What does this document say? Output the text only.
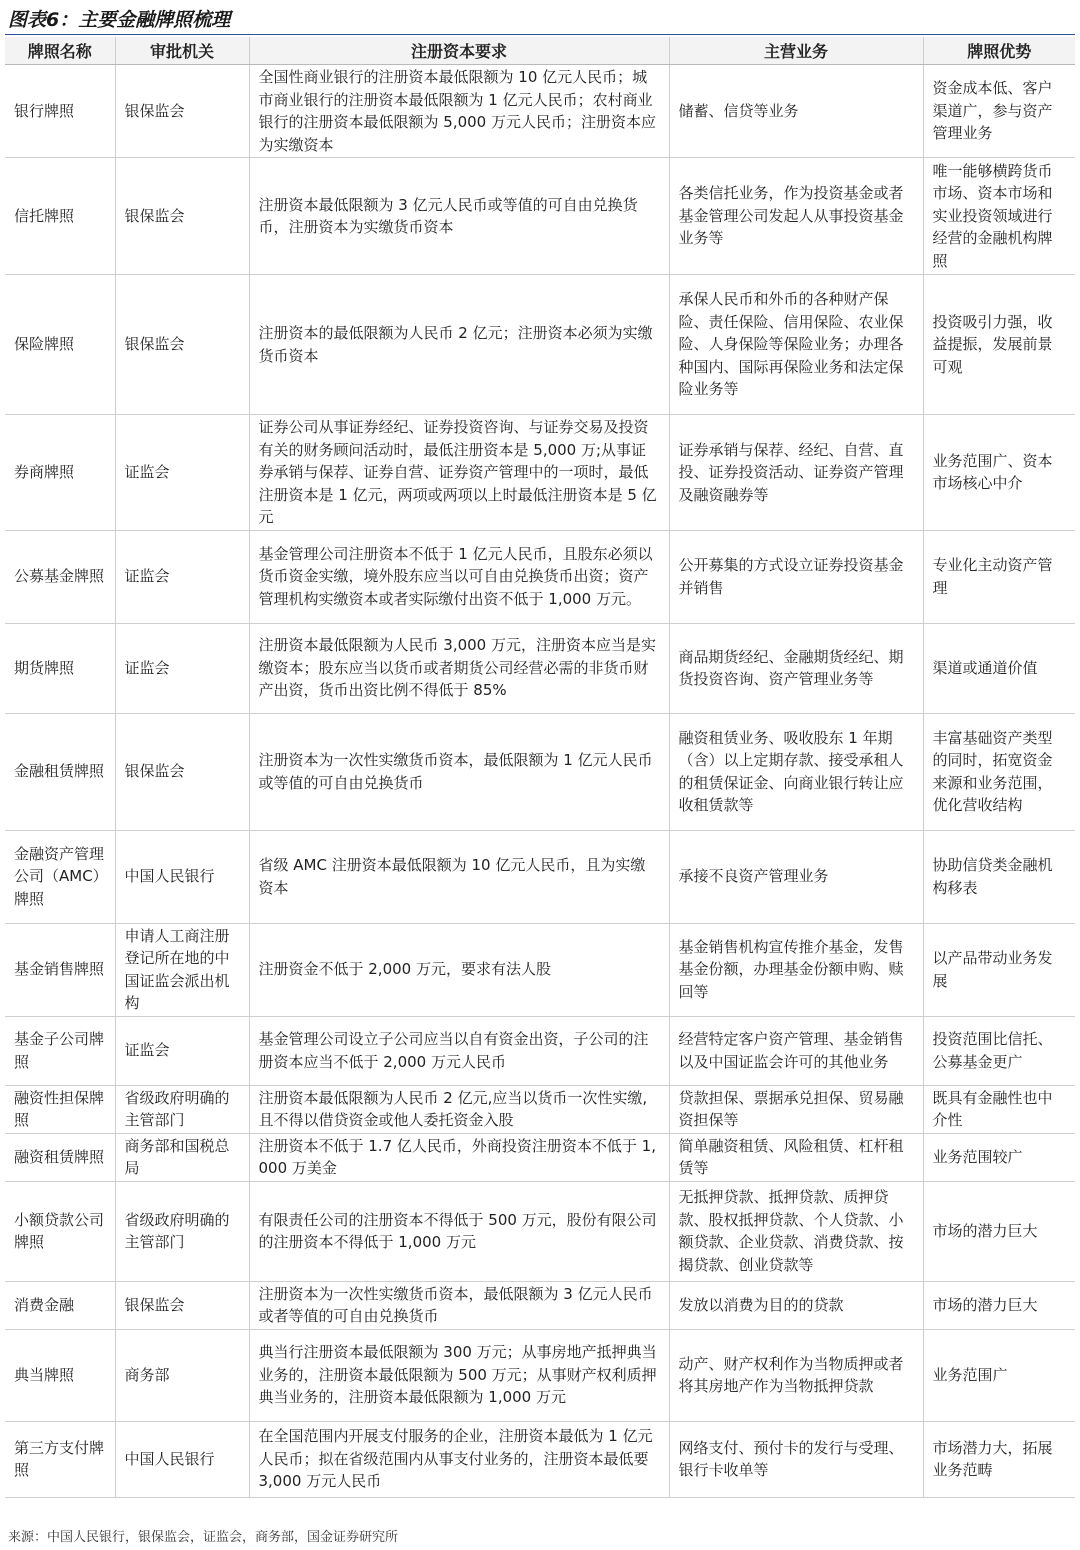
图表6：主要金融牌照梳理
牌照名称	审批机关	注册资本要求	主营业务	牌照优势
银行牌照	银保监会	全国性商业银行的注册资本最低限额为 10 亿元人民币；城市商业银行的注册资本最低限额为 1 亿元人民币；农村商业银行的注册资本最低限额为 5,000 万元人民币；注册资本应为实缴资本	储蓄、信贷等业务	资金成本低、客户渠道广，参与资产管理业务
信托牌照	银保监会	注册资本最低限额为 3 亿元人民币或等值的可自由兑换货币，注册资本为实缴货币资本	各类信托业务，作为投资基金或者基金管理公司发起人从事投资基金业务等	唯一能够横跨货币市场、资本市场和实业投资领域进行经营的金融机构牌照
保险牌照	银保监会	注册资本的最低限额为人民币 2 亿元；注册资本必须为实缴货币资本	承保人民币和外币的各种财产保险、责任保险、信用保险、农业保险、人身保险等保险业务；办理各种国内、国际再保险业务和法定保险业务等	投资吸引力强，收益提振，发展前景可观
券商牌照	证监会	证券公司从事证券经纪、证券投资咨询、与证券交易及投资有关的财务顾问活动时，最低注册资本是 5,000 万;从事证券承销与保荐、证券自营、证券资产管理中的一项时，最低注册资本是 1 亿元，两项或两项以上时最低注册资本是 5 亿元	证券承销与保荐、经纪、自营、直投、证券投资活动、证券资产管理及融资融券等	业务范围广、资本市场核心中介
公募基金牌照	证监会	基金管理公司注册资本不低于 1 亿元人民币，且股东必须以货币资金实缴，境外股东应当以可自由兑换货币出资；资产管理机构实缴资本或者实际缴付出资不低于 1,000 万元。	公开募集的方式设立证券投资基金并销售	专业化主动资产管理
期货牌照	证监会	注册资本最低限额为人民币 3,000 万元，注册资本应当是实缴资本；股东应当以货币或者期货公司经营必需的非货币财产出资，货币出资比例不得低于 85%	商品期货经纪、金融期货经纪、期货投资咨询、资产管理业务等	渠道或通道价值
金融租赁牌照	银保监会	注册资本为一次性实缴货币资本，最低限额为 1 亿元人民币或等值的可自由兑换货币	融资租赁业务、吸收股东 1 年期（含）以上定期存款、接受承租人的租赁保证金、向商业银行转让应收租赁款等	丰富基础资产类型的同时，拓宽资金来源和业务范围，优化营收结构
金融资产管理公司（AMC）牌照	中国人民银行	省级 AMC 注册资本最低限额为 10 亿元人民币，且为实缴资本	承接不良资产管理业务	协助信贷类金融机构移表
基金销售牌照	申请人工商注册登记所在地的中国证监会派出机构	注册资金不低于 2,000 万元，要求有法人股	基金销售机构宣传推介基金，发售基金份额，办理基金份额申购、赎回等	以产品带动业务发展
基金子公司牌照	证监会	基金管理公司设立子公司应当以自有资金出资，子公司的注册资本应当不低于 2,000 万元人民币	经营特定客户资产管理、基金销售以及中国证监会许可的其他业务	投资范围比信托、公募基金更广
融资性担保牌照	省级政府明确的主管部门	注册资本最低限额为人民币 2 亿元,应当以货币一次性实缴,且不得以借贷资金或他人委托资金入股	贷款担保、票据承兑担保、贸易融资担保等	既具有金融性也中介性
融资租赁牌照	商务部和国税总局	注册资本不低于 1.7 亿人民币，外商投资注册资本不低于 1,000 万美金	简单融资租赁、风险租赁、杠杆租赁等	业务范围较广
小额贷款公司牌照	省级政府明确的主管部门	有限责任公司的注册资本不得低于 500 万元，股份有限公司的注册资本不得低于 1,000 万元	无抵押贷款、抵押贷款、质押贷款、股权抵押贷款、个人贷款、小额贷款、企业贷款、消费贷款、按揭贷款、创业贷款等	市场的潜力巨大
消费金融	银保监会	注册资本为一次性实缴货币资本，最低限额为 3 亿元人民币或者等值的可自由兑换货币	发放以消费为目的的贷款	市场的潜力巨大
典当牌照	商务部	典当行注册资本最低限额为 300 万元；从事房地产抵押典当业务的，注册资本最低限额为 500 万元；从事财产权利质押典当业务的，注册资本最低限额为 1,000 万元	动产、财产权利作为当物质押或者将其房地产作为当物抵押贷款	业务范围广
第三方支付牌照	中国人民银行	在全国范围内开展支付服务的企业，注册资本最低为 1 亿元人民币；拟在省级范围内从事支付业务的，注册资本最低要 3,000 万元人民币	网络支付、预付卡的发行与受理、银行卡收单等	市场潜力大，拓展业务范畴
来源：中国人民银行，银保监会，证监会，商务部，国金证券研究所
